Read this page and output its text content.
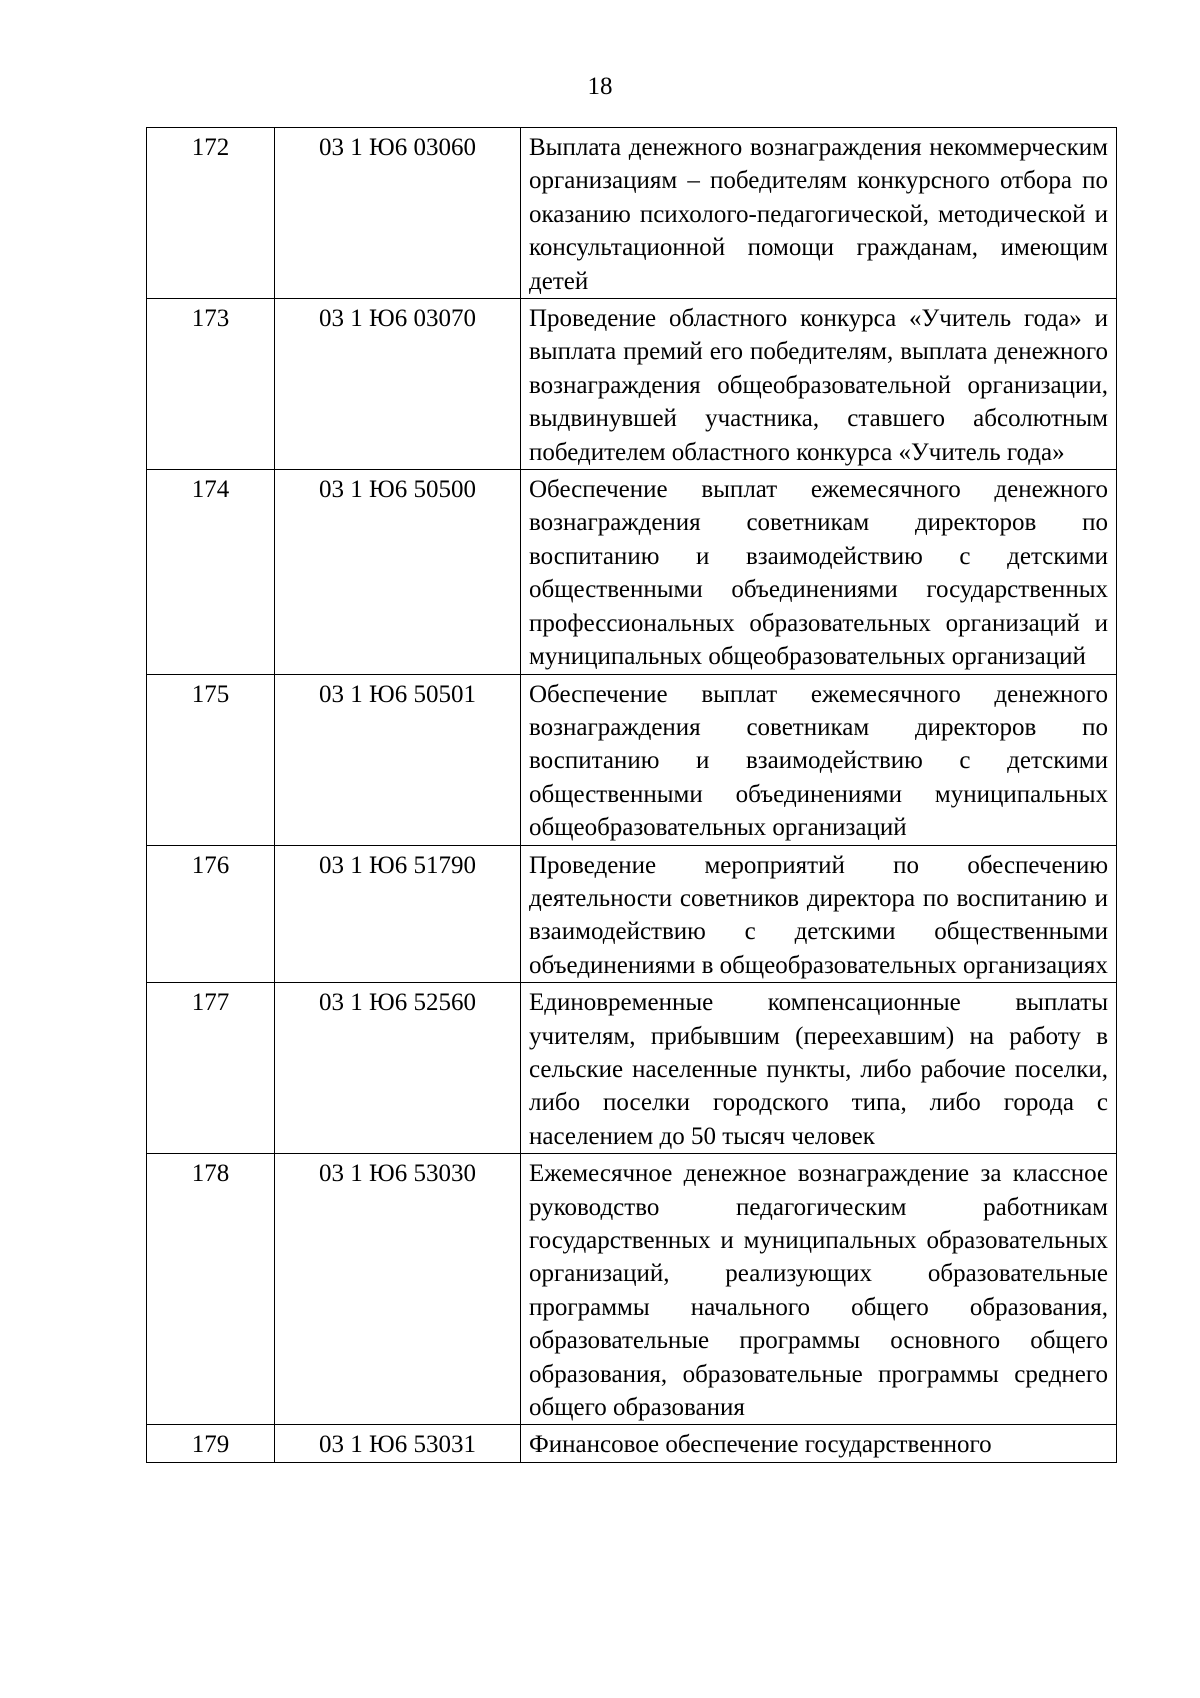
18
172	03 1 Ю6 03060	Выплата денежного вознаграждения некоммерческим организациям – победителям конкурсного отбора по оказанию психолого-педагогической, методической и консультационной помощи гражданам, имеющим детей
173	03 1 Ю6 03070	Проведение областного конкурса «Учитель года» и выплата премий его победителям, выплата денежного вознаграждения общеобразовательной организации, выдвинувшей участника, ставшего абсолютным победителем областного конкурса «Учитель года»
174	03 1 Ю6 50500	Обеспечение выплат ежемесячного денежного вознаграждения советникам директоров по воспитанию и взаимодействию с детскими общественными объединениями государственных профессиональных образовательных организаций и муниципальных общеобразовательных организаций
175	03 1 Ю6 50501	Обеспечение выплат ежемесячного денежного вознаграждения советникам директоров по воспитанию и взаимодействию с детскими общественными объединениями муниципальных общеобразовательных организаций
176	03 1 Ю6 51790	Проведение мероприятий по обеспечению деятельности советников директора по воспитанию и взаимодействию с детскими общественными объединениями в общеобразовательных организациях
177	03 1 Ю6 52560	Единовременные компенсационные выплаты учителям, прибывшим (переехавшим) на работу в сельские населенные пункты, либо рабочие поселки, либо поселки городского типа, либо города с населением до 50 тысяч человек
178	03 1 Ю6 53030	Ежемесячное денежное вознаграждение за классное руководство педагогическим работникам государственных и муниципальных образовательных организаций, реализующих образовательные программы начального общего образования, образовательные программы основного общего образования, образовательные программы среднего общего образования
179	03 1 Ю6 53031	Финансовое обеспечение государственного
